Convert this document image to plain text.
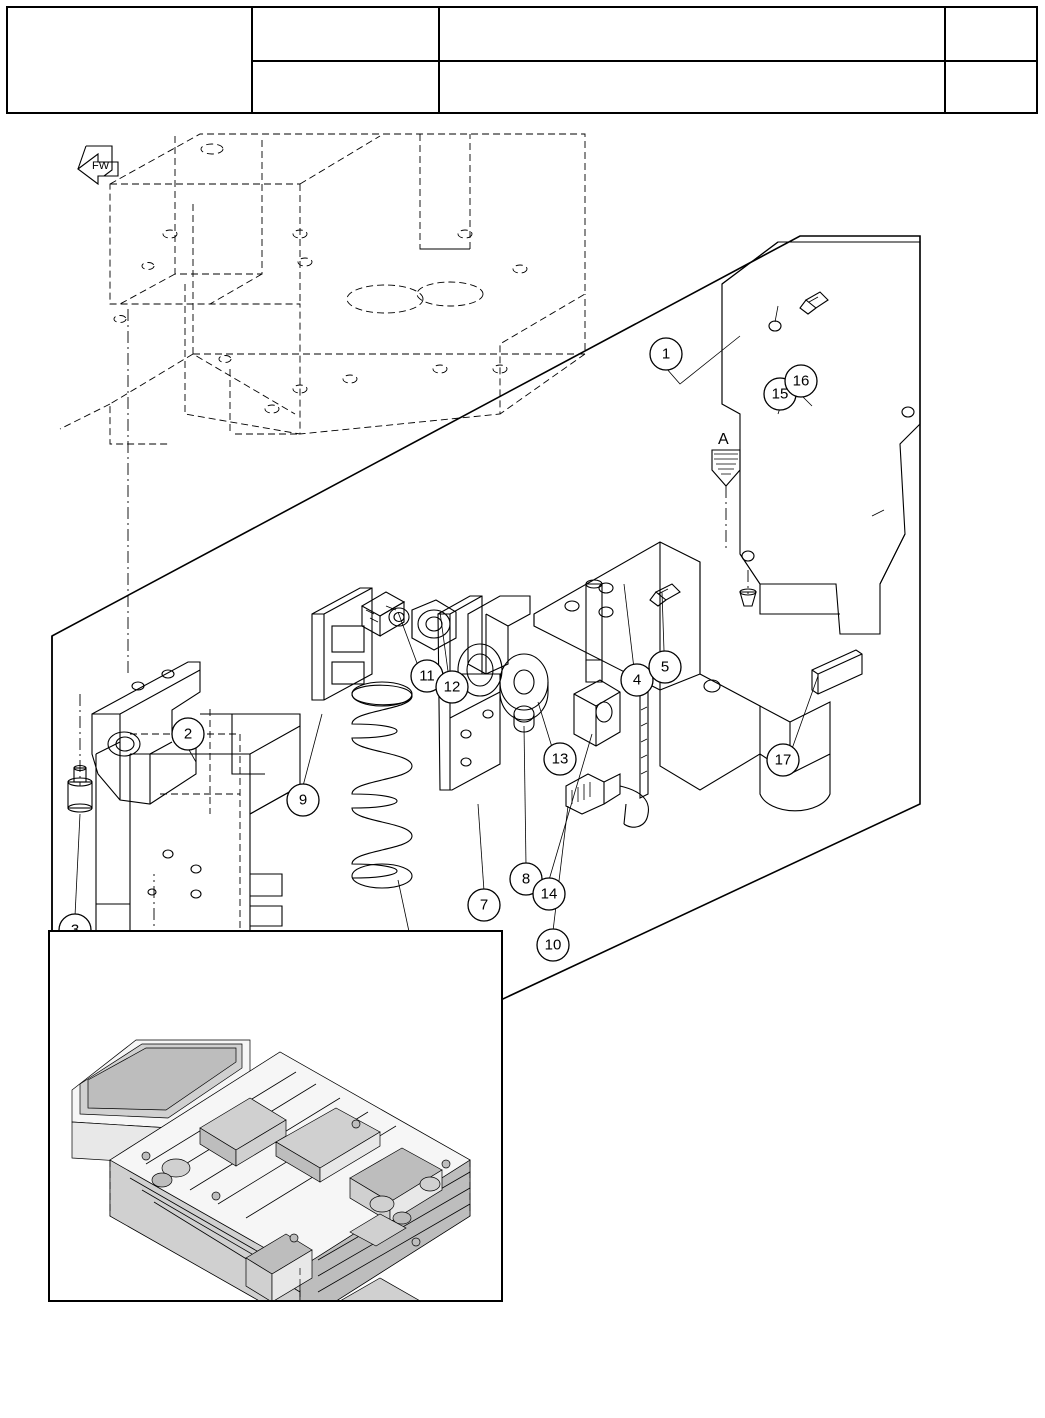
FW
A
1
2
4
5
7
8
9
10
11
12
13
14
15
16
17
